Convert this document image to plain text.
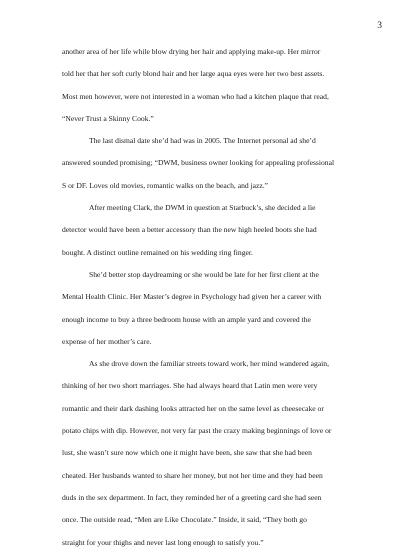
3
another area of her life while blow drying her hair and applying make-up. Her mirror
told her that her soft curly blond hair and her large aqua eyes were her two best assets.
Most men however, were not interested in a woman who had a kitchen plaque that read,
“Never Trust a Skinny Cook.”
The last dismal date she’d had was in 2005. The Internet personal ad she’d
answered sounded promising; “DWM, business owner looking for appealing professional
S or DF. Loves old movies, romantic walks on the beach, and jazz.”
After meeting Clark, the DWM in question at Starbuck’s, she decided a lie
detector would have been a better accessory than the new high heeled boots she had
bought. A distinct outline remained on his wedding ring finger.
She’d better stop daydreaming or she would be late for her first client at the
Mental Health Clinic. Her Master’s degree in Psychology had given her a career with
enough income to buy a three bedroom house with an ample yard and covered the
expense of her mother’s care.
As she drove down the familiar streets toward work, her mind wandered again,
thinking of her two short marriages. She had always heard that Latin men were very
romantic and their dark dashing looks attracted her on the same level as cheesecake or
potato chips with dip. However, not very far past the crazy making beginnings of love or
lust, she wasn’t sure now which one it might have been, she saw that she had been
cheated. Her husbands wanted to share her money, but not her time and they had been
duds in the sex department. In fact, they reminded her of a greeting card she had seen
once. The outside read, “Men are Like Chocolate.” Inside, it said, “They both go
straight for your thighs and never last long enough to satisfy you.”
